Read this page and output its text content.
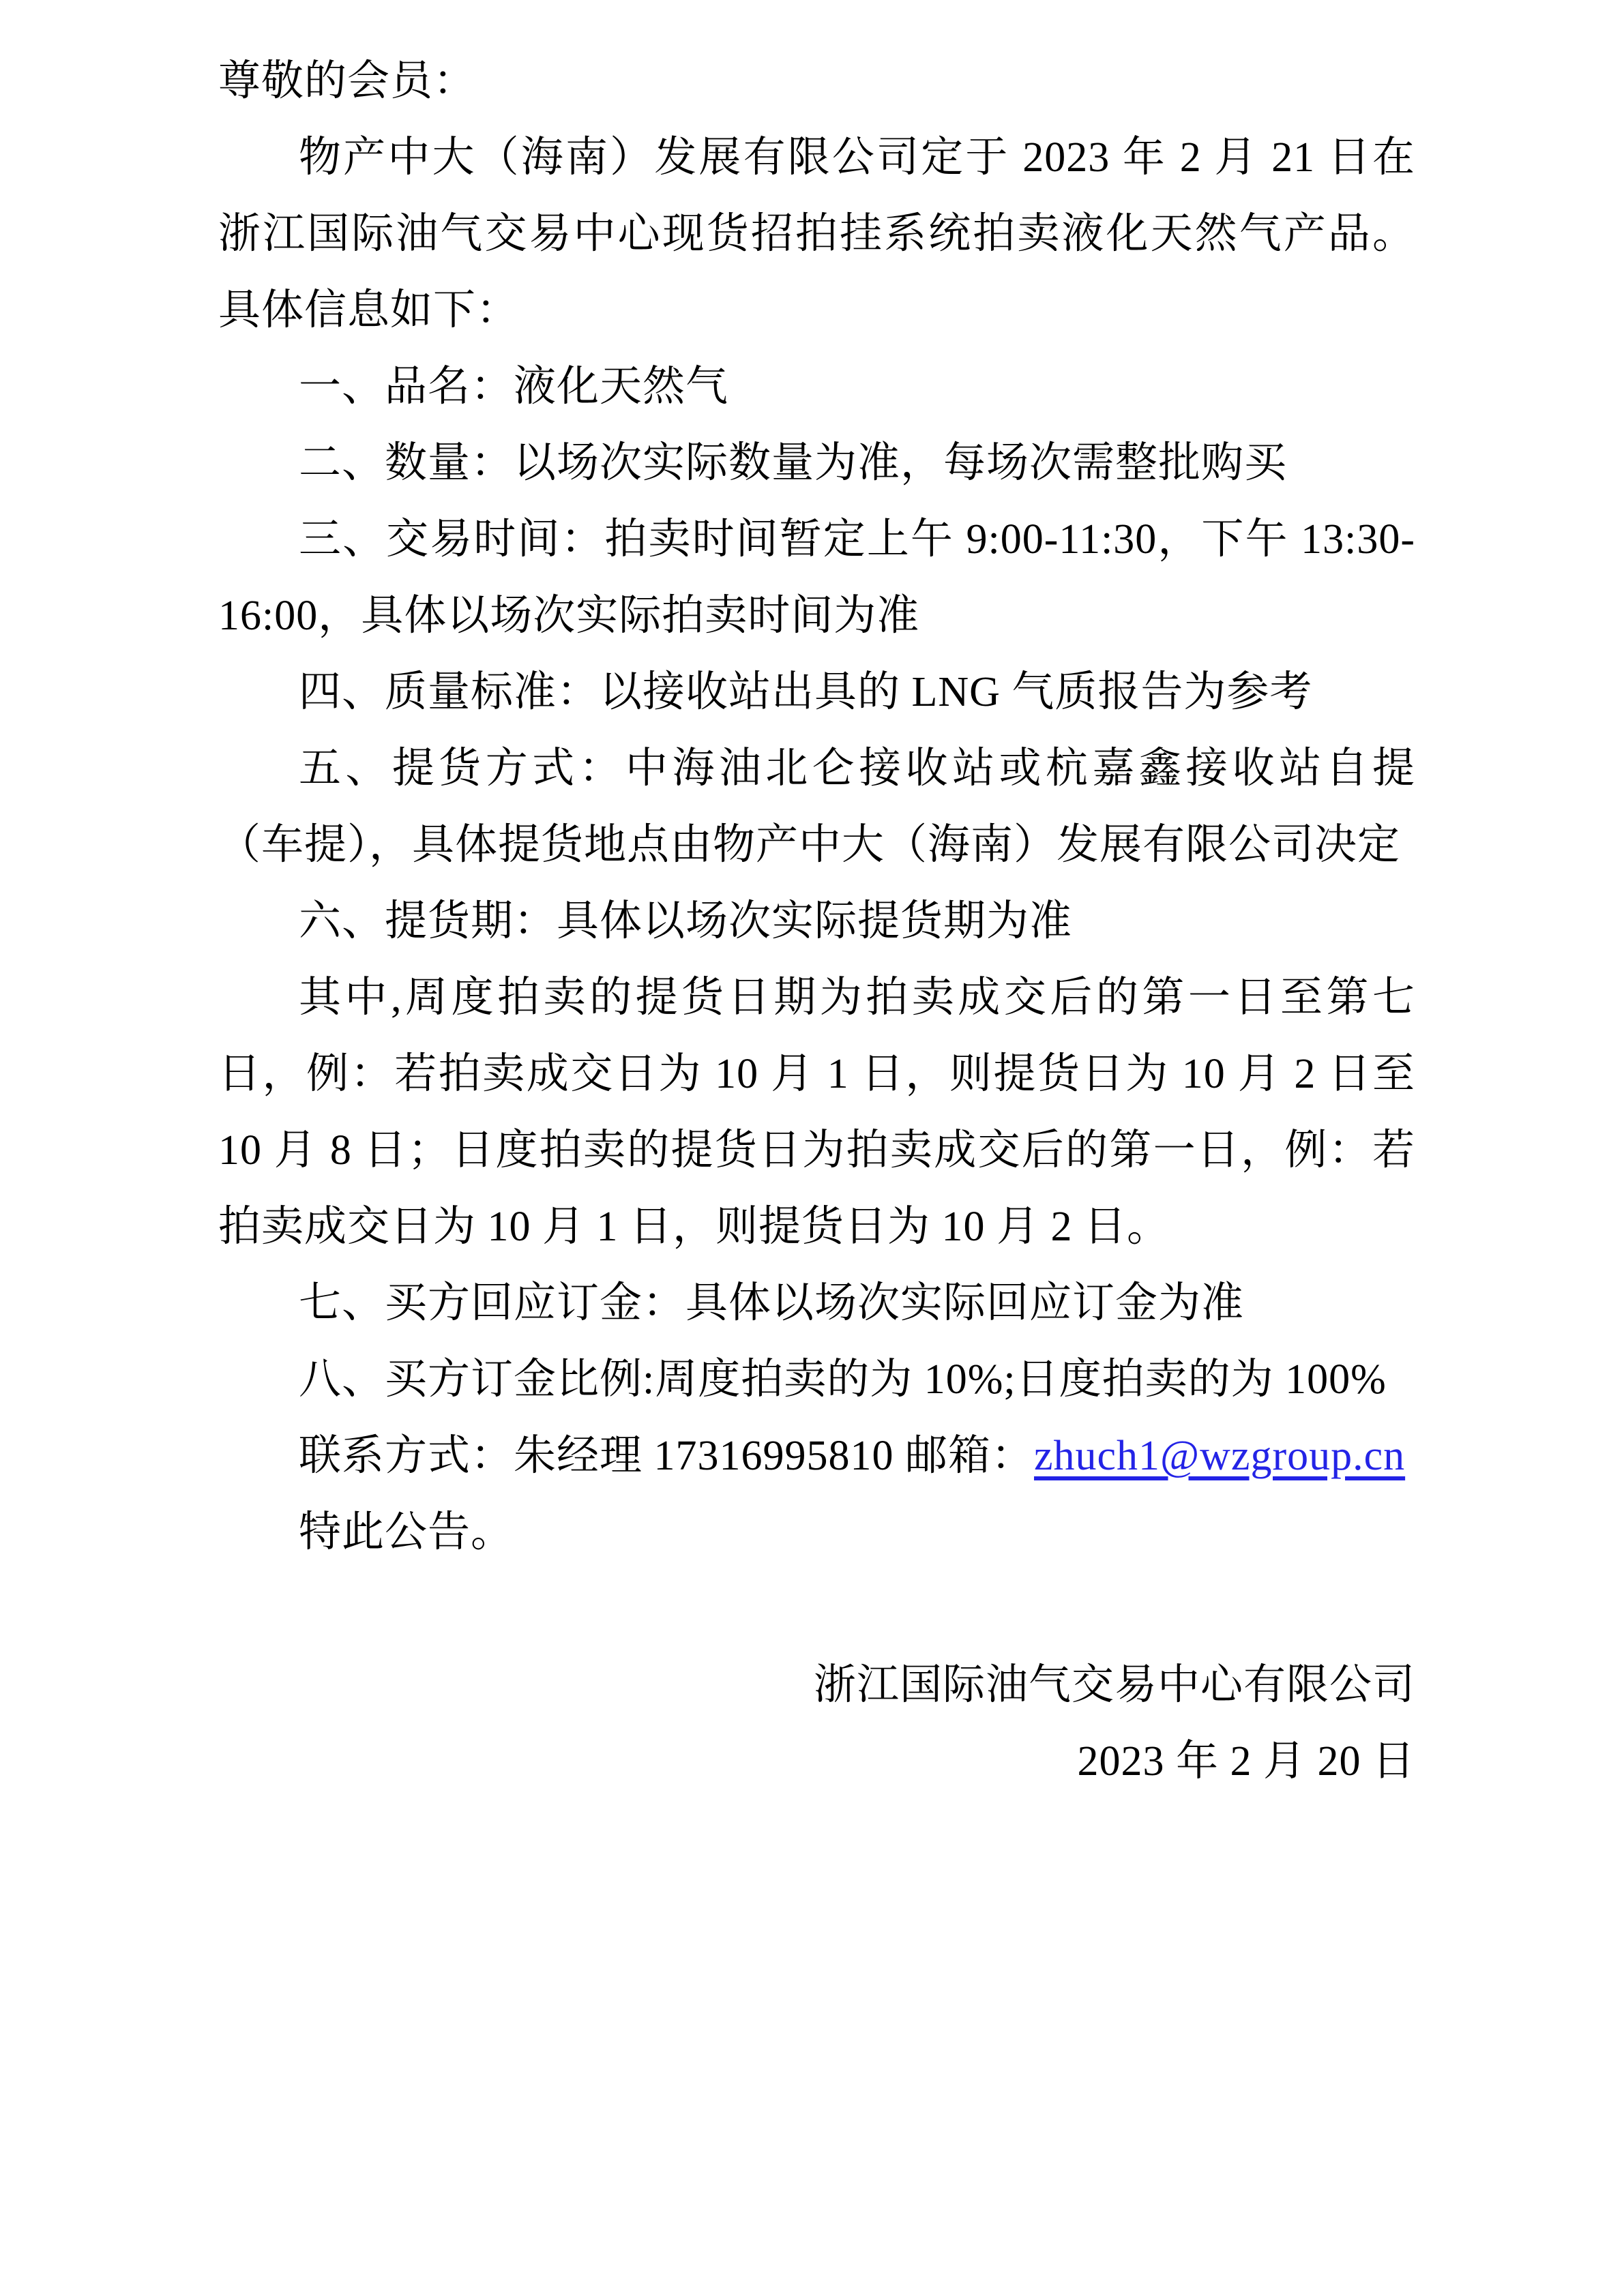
尊敬的会员：

物产中大（海南）发展有限公司定于 2023 年 2 月 21 日在浙江国际油气交易中心现货招拍挂系统拍卖液化天然气产品。具体信息如下：

一、品名：液化天然气

二、数量：以场次实际数量为准，每场次需整批购买

三、交易时间：拍卖时间暂定上午 9:00-11:30，下午 13:30-16:00，具体以场次实际拍卖时间为准

四、质量标准：以接收站出具的 LNG 气质报告为参考

五、提货方式：中海油北仑接收站或杭嘉鑫接收站自提（车提），具体提货地点由物产中大（海南）发展有限公司决定

六、提货期：具体以场次实际提货期为准

其中,周度拍卖的提货日期为拍卖成交后的第一日至第七日，例：若拍卖成交日为 10 月 1 日，则提货日为 10 月 2 日至 10 月 8 日；日度拍卖的提货日为拍卖成交后的第一日，例：若拍卖成交日为 10 月 1 日，则提货日为 10 月 2 日。

七、买方回应订金：具体以场次实际回应订金为准

八、买方订金比例:周度拍卖的为 10%;日度拍卖的为 100%

联系方式：朱经理 17316995810 邮箱：zhuch1@wzgroup.cn

特此公告。

浙江国际油气交易中心有限公司

2023 年 2 月 20 日
